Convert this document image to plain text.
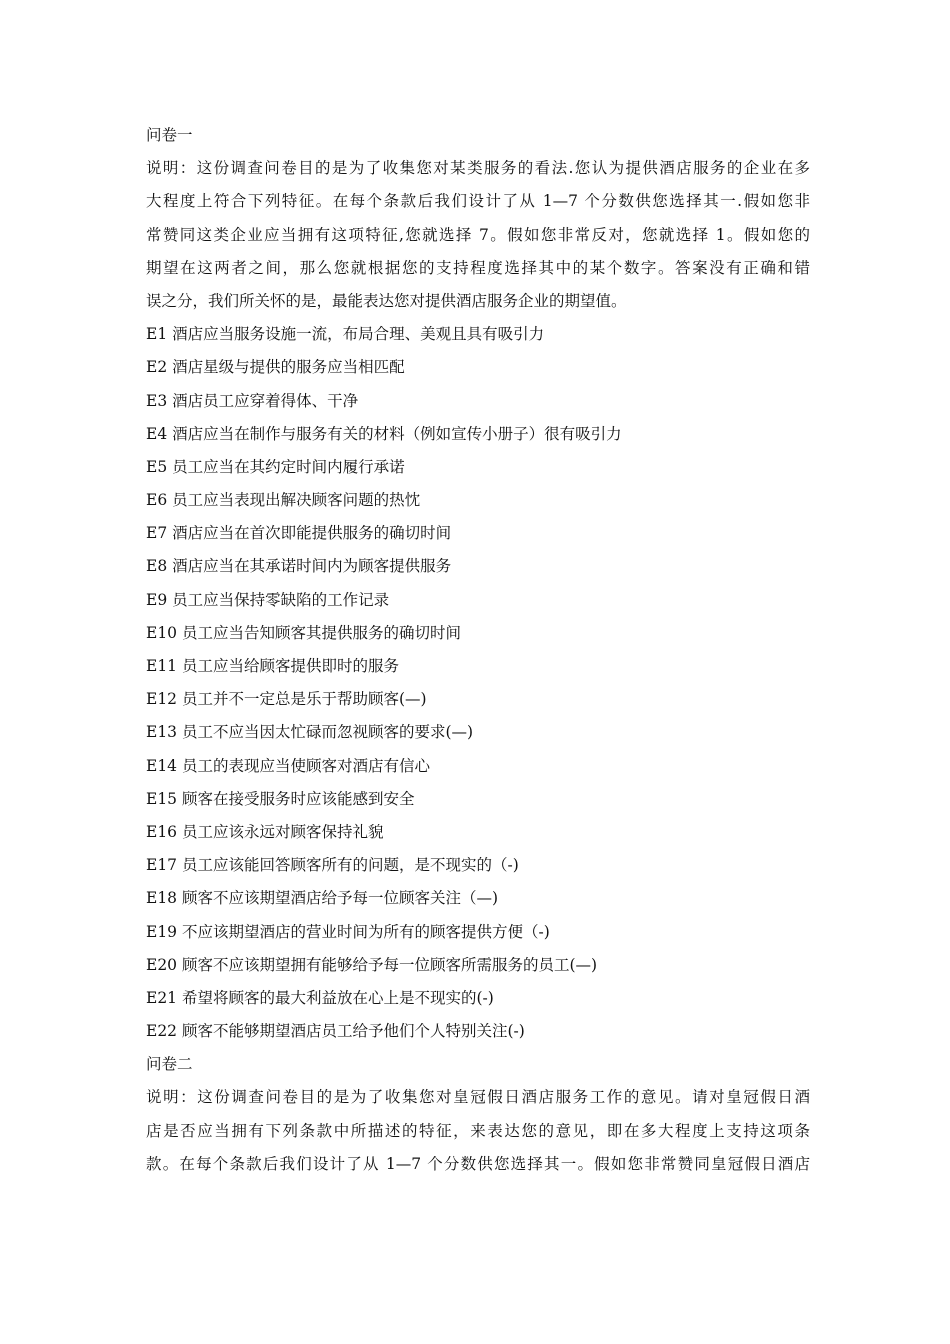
问卷一
说明：这份调查问卷目的是为了收集您对某类服务的看法.您认为提供酒店服务的企业在多
大程度上符合下列特征。在每个条款后我们设计了从 1—7 个分数供您选择其一.假如您非
常赞同这类企业应当拥有这项特征,您就选择 7。假如您非常反对，您就选择 1。假如您的
期望在这两者之间，那么您就根据您的支持程度选择其中的某个数字。答案没有正确和错
误之分，我们所关怀的是，最能表达您对提供酒店服务企业的期望值。
E1 酒店应当服务设施一流，布局合理、美观且具有吸引力
E2 酒店星级与提供的服务应当相匹配
E3 酒店员工应穿着得体、干净
E4 酒店应当在制作与服务有关的材料（例如宣传小册子）很有吸引力
E5 员工应当在其约定时间内履行承诺
E6 员工应当表现出解决顾客问题的热忱
E7 酒店应当在首次即能提供服务的确切时间
E8 酒店应当在其承诺时间内为顾客提供服务
E9 员工应当保持零缺陷的工作记录
E10 员工应当告知顾客其提供服务的确切时间
E11 员工应当给顾客提供即时的服务
E12 员工并不一定总是乐于帮助顾客(—)
E13 员工不应当因太忙碌而忽视顾客的要求(—)
E14 员工的表现应当使顾客对酒店有信心
E15 顾客在接受服务时应该能感到安全
E16 员工应该永远对顾客保持礼貌
E17 员工应该能回答顾客所有的问题，是不现实的（-)
E18 顾客不应该期望酒店给予每一位顾客关注（—)
E19 不应该期望酒店的营业时间为所有的顾客提供方便（-)
E20 顾客不应该期望拥有能够给予每一位顾客所需服务的员工(—)
E21 希望将顾客的最大利益放在心上是不现实的(-)
E22 顾客不能够期望酒店员工给予他们个人特别关注(-)
问卷二
说明：这份调查问卷目的是为了收集您对皇冠假日酒店服务工作的意见。请对皇冠假日酒
店是否应当拥有下列条款中所描述的特征，来表达您的意见，即在多大程度上支持这项条
款。在每个条款后我们设计了从 1—7 个分数供您选择其一。假如您非常赞同皇冠假日酒店
